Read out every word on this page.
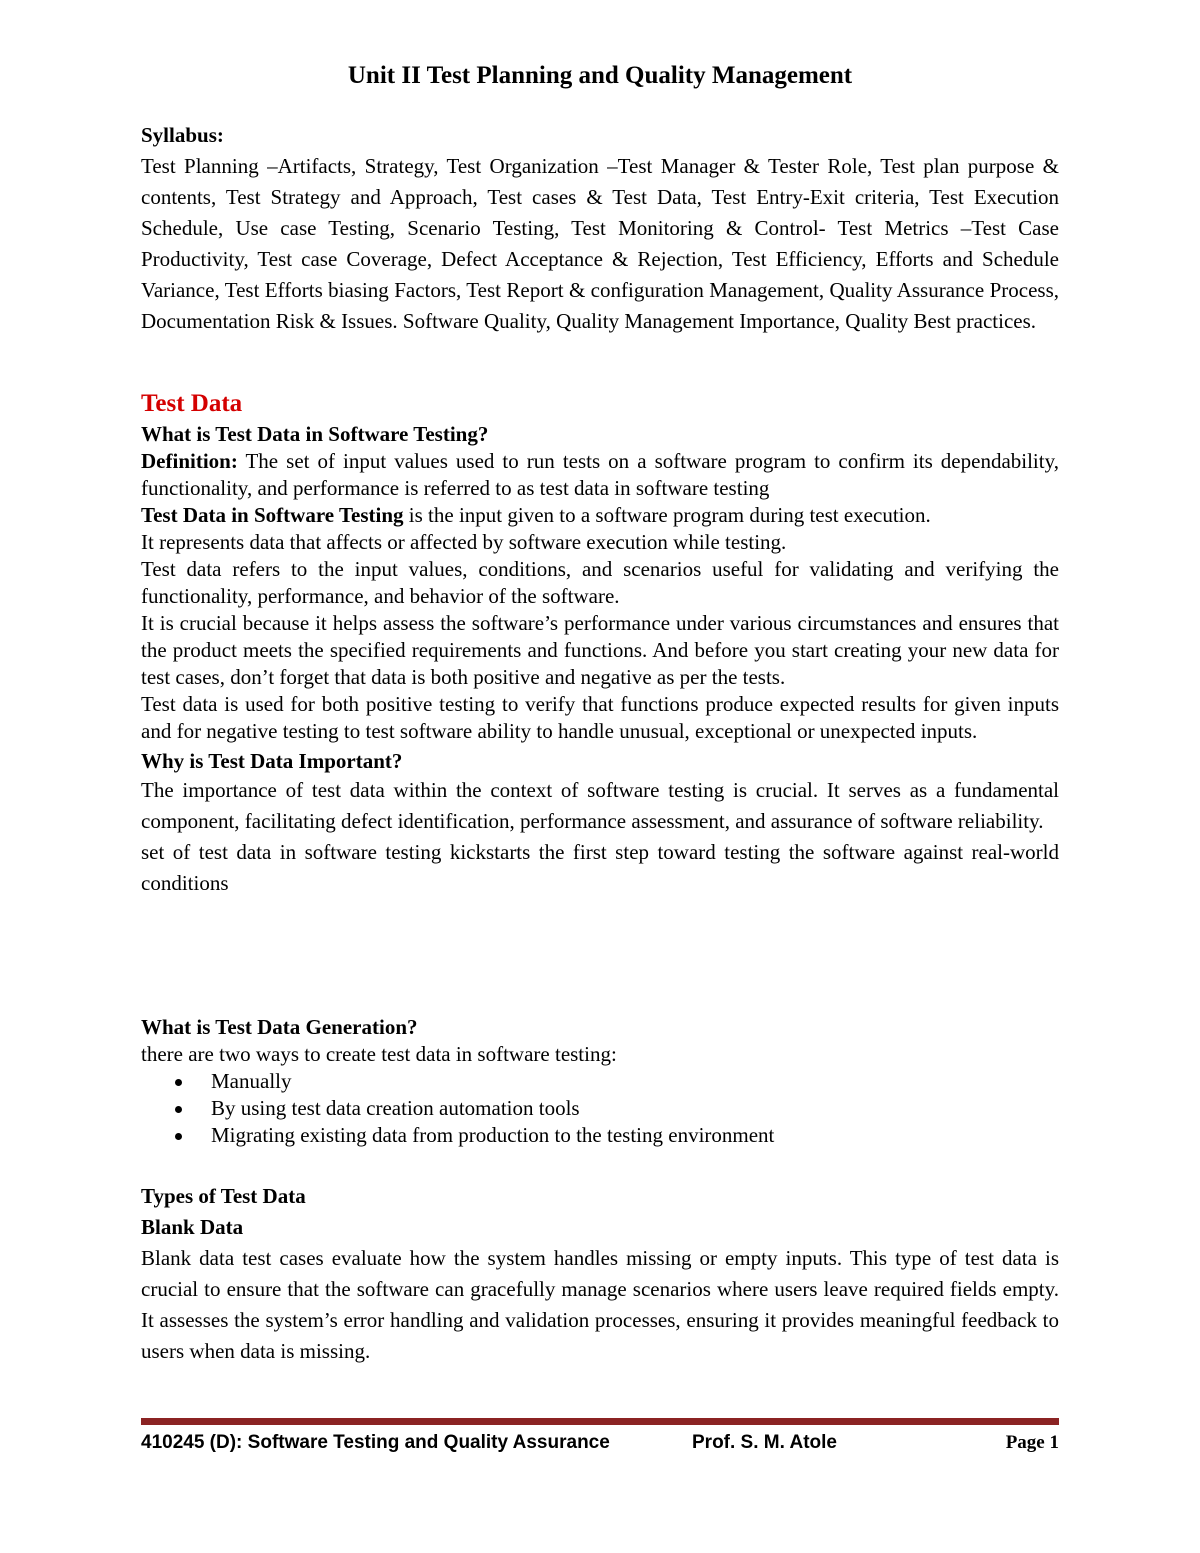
Unit II Test Planning and Quality Management

Syllabus:

Test Planning –Artifacts, Strategy, Test Organization –Test Manager & Tester Role, Test plan purpose & contents, Test Strategy and Approach, Test cases & Test Data, Test Entry-Exit criteria, Test Execution Schedule, Use case Testing, Scenario Testing, Test Monitoring & Control- Test Metrics –Test Case Productivity, Test case Coverage, Defect Acceptance & Rejection, Test Efficiency, Efforts and Schedule Variance, Test Efforts biasing Factors, Test Report & configuration Management, Quality Assurance Process, Documentation Risk & Issues. Software Quality, Quality Management Importance, Quality Best practices.

Test Data

What is Test Data in Software Testing?

Definition: The set of input values used to run tests on a software program to confirm its dependability, functionality, and performance is referred to as test data in software testing

Test Data in Software Testing is the input given to a software program during test execution.

It represents data that affects or affected by software execution while testing.

Test data refers to the input values, conditions, and scenarios useful for validating and verifying the functionality, performance, and behavior of the software.

It is crucial because it helps assess the software’s performance under various circumstances and ensures that the product meets the specified requirements and functions. And before you start creating your new data for test cases, don’t forget that data is both positive and negative as per the tests.

Test data is used for both positive testing to verify that functions produce expected results for given inputs and for negative testing to test software ability to handle unusual, exceptional or unexpected inputs.

Why is Test Data Important?

The importance of test data within the context of software testing is crucial. It serves as a fundamental component, facilitating defect identification, performance assessment, and assurance of software reliability.

set of test data in software testing kickstarts the first step toward testing the software against real-world conditions

What is Test Data Generation?

there are two ways to create test data in software testing:

Manually
By using test data creation automation tools
Migrating existing data from production to the testing environment

Types of Test Data

Blank Data

Blank data test cases evaluate how the system handles missing or empty inputs. This type of test data is crucial to ensure that the software can gracefully manage scenarios where users leave required fields empty. It assesses the system’s error handling and validation processes, ensuring it provides meaningful feedback to users when data is missing.

410245 (D): Software Testing and Quality Assurance	Prof. S. M. Atole	Page 1
